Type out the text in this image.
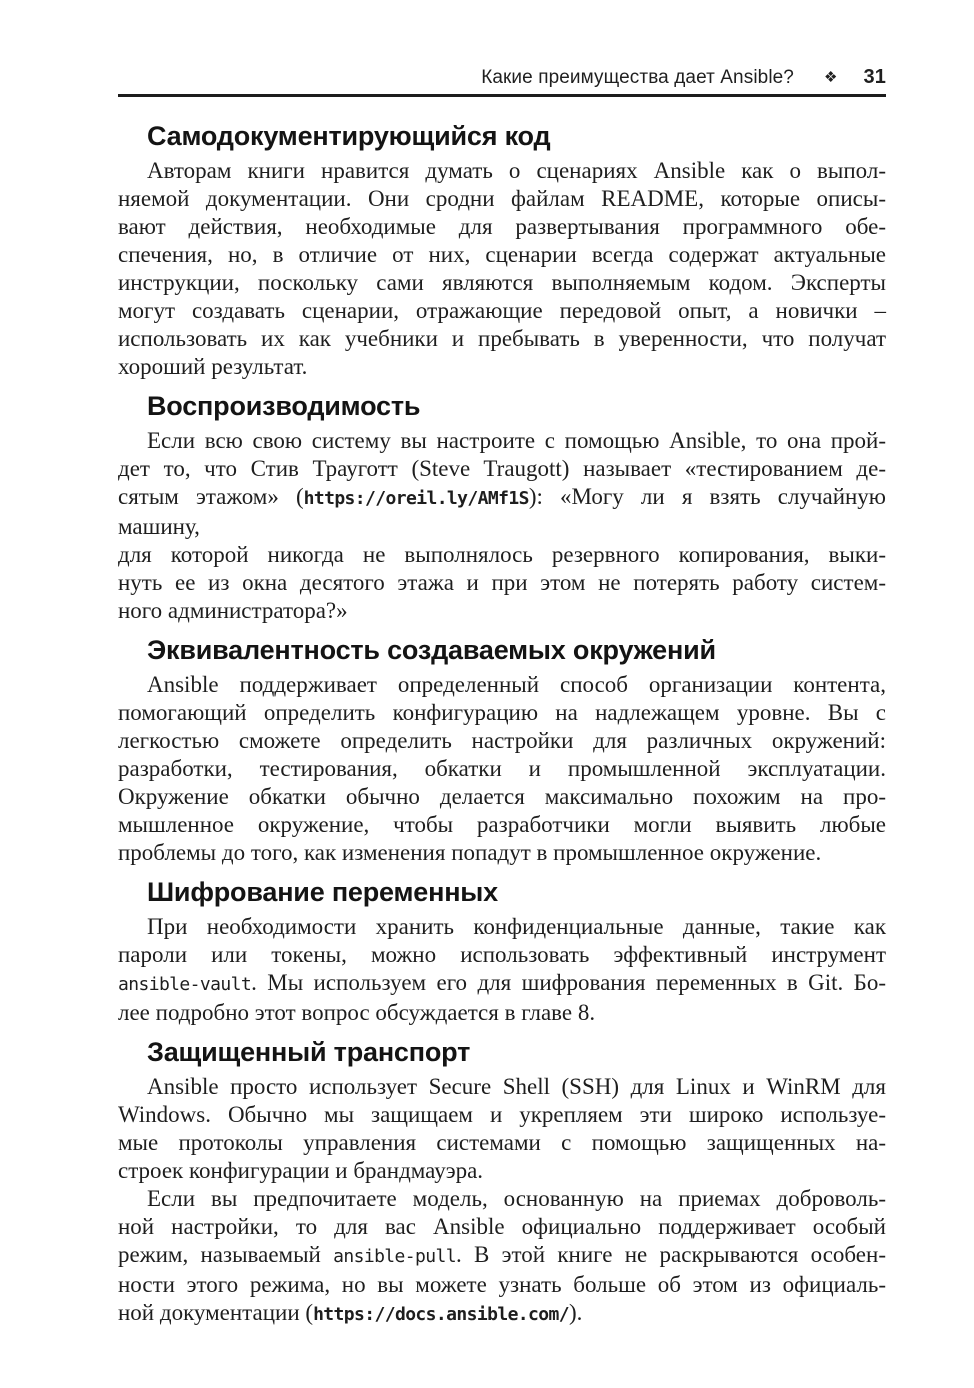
Какие преимущества дает Ansible? ❖ 31
Самодокументирующийся код
Авторам книги нравится думать о сценариях Ansible как о выпол-
няемой документации. Они сродни файлам README, которые описы-
вают действия, необходимые для развертывания программного обе-
спечения, но, в отличие от них, сценарии всегда содержат актуальные
инструкции, поскольку сами являются выполняемым кодом. Эксперты
могут создавать сценарии, отражающие передовой опыт, а новички –
использовать их как учебники и пребывать в уверенности, что получат
хороший результат.
Воспроизводимость
Если всю свою систему вы настроите с помощью Ansible, то она прой-
дет то, что Стив Трауготт (Steve Traugott) называет «тестированием де-
сятым этажом» (https://oreil.ly/AMf1S): «Могу ли я взять случайную машину,
для которой никогда не выполнялось резервного копирования, выки-
нуть ее из окна десятого этажа и при этом не потерять работу систем-
ного администратора?»
Эквивалентность создаваемых окружений
Ansible поддерживает определенный способ организации контента,
помогающий определить конфигурацию на надлежащем уровне. Вы с
легкостью сможете определить настройки для различных окружений:
разработки, тестирования, обкатки и промышленной эксплуатации.
Окружение обкатки обычно делается максимально похожим на про-
мышленное окружение, чтобы разработчики могли выявить любые
проблемы до того, как изменения попадут в промышленное окружение.
Шифрование переменных
При необходимости хранить конфиденциальные данные, такие как
пароли или токены, можно использовать эффективный инструмент
ansible-vault. Мы используем его для шифрования переменных в Git. Бо-
лее подробно этот вопрос обсуждается в главе 8.
Защищенный транспорт
Ansible просто использует Secure Shell (SSH) для Linux и WinRM для
Windows. Обычно мы защищаем и укрепляем эти широко используе-
мые протоколы управления системами с помощью защищенных на-
строек конфигурации и брандмауэра.
Если вы предпочитаете модель, основанную на приемах доброволь-
ной настройки, то для вас Ansible официально поддерживает особый
режим, называемый ansible-pull. В этой книге не раскрываются особен-
ности этого режима, но вы можете узнать больше об этом из официаль-
ной документации (https://docs.ansible.com/).
